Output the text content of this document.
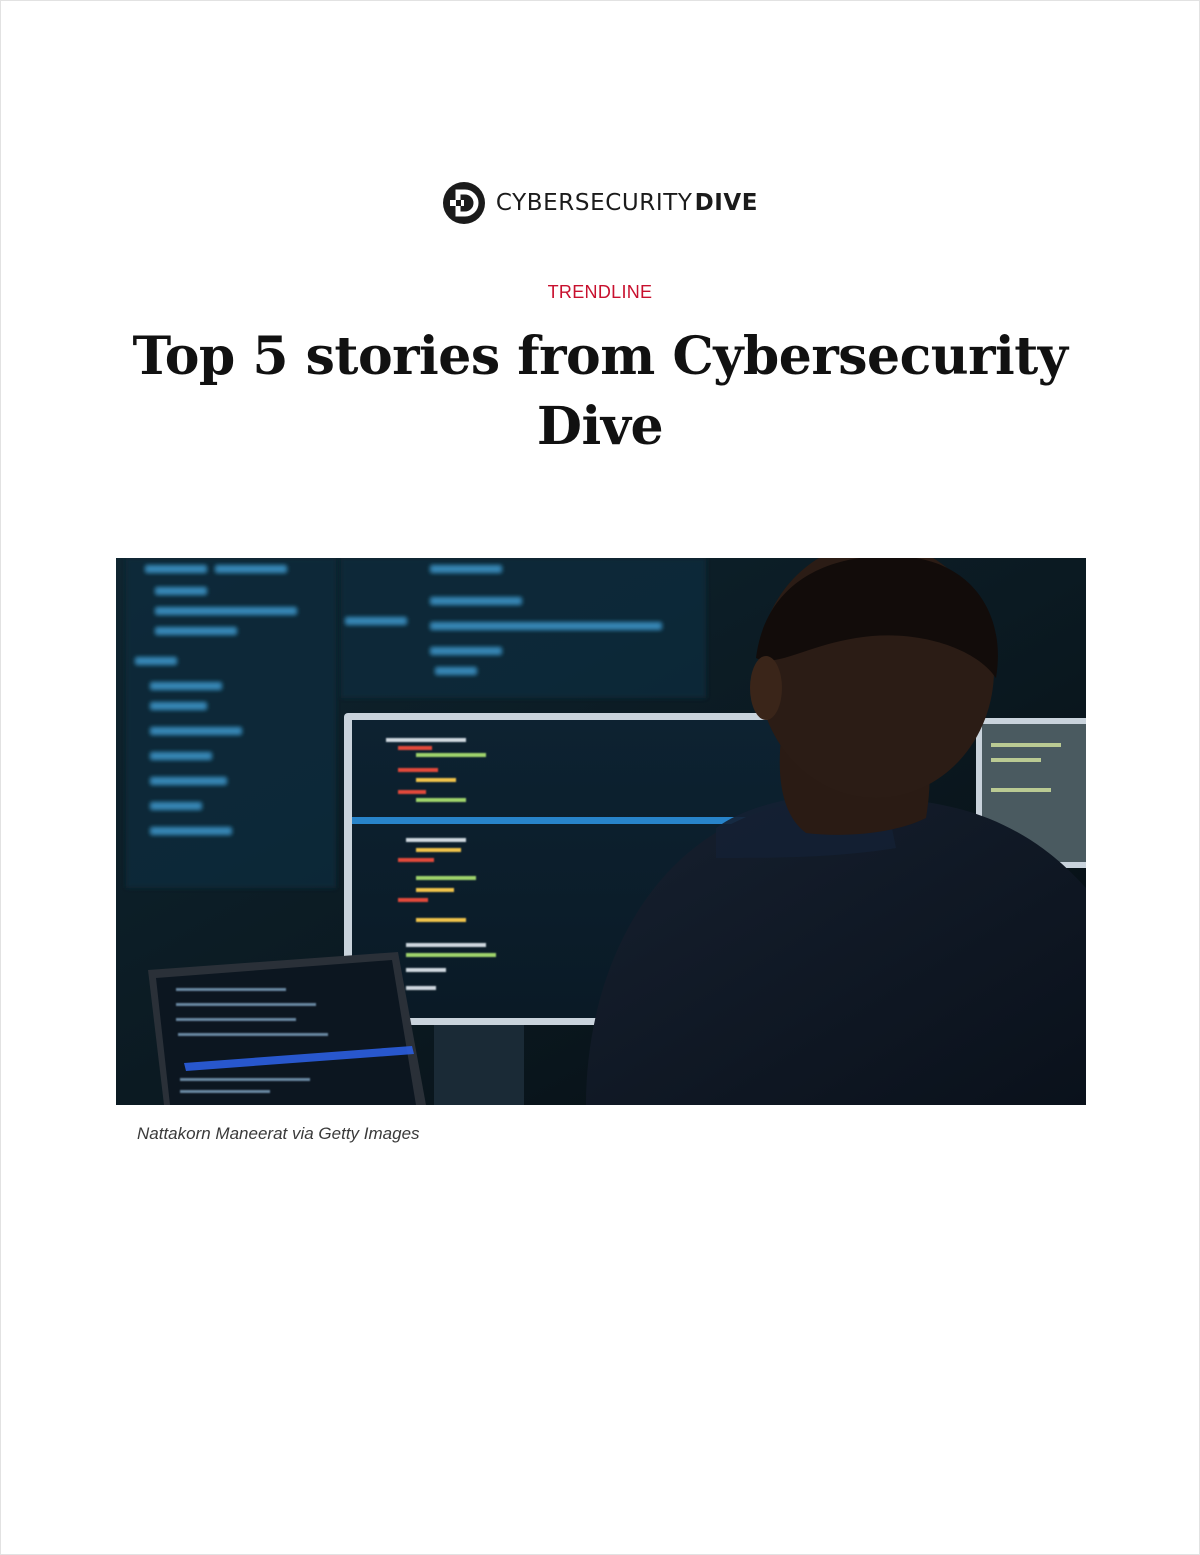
CYBERSECURITY DIVE
TRENDLINE
Top 5 stories from Cybersecurity Dive
Nattakorn Maneerat via Getty Images
